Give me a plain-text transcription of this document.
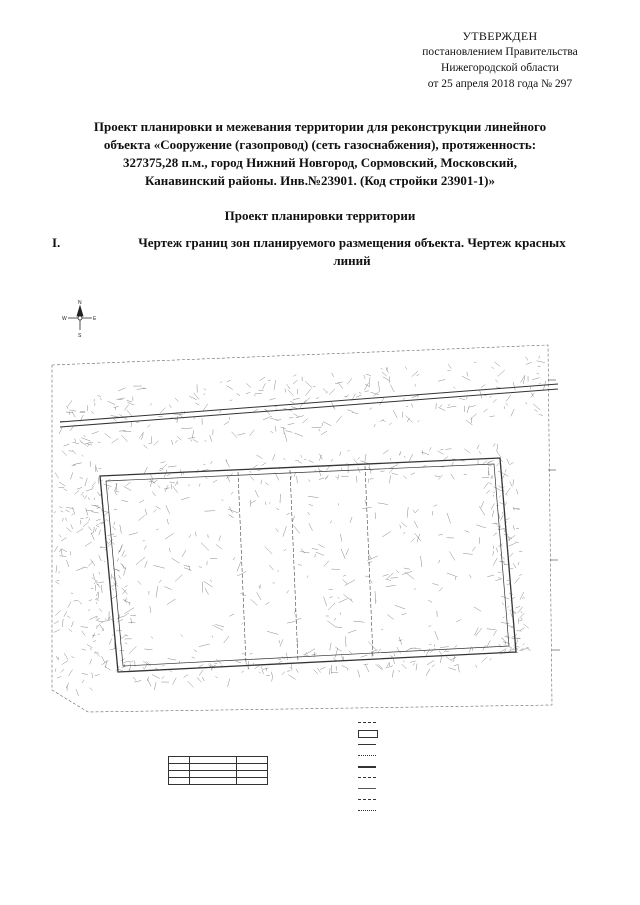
УТВЕРЖДЕН
постановлением Правительства
Нижегородской области
от 25 апреля 2018 года № 297
Проект планировки и межевания территории для реконструкции линейного
объекта «Сооружение (газопровод) (сеть газоснабжения), протяженность:
327375,28 п.м., город Нижний Новгород, Сормовский, Московский,
Канавинский районы. Инв.№23901. (Код стройки 23901-1)»
Проект планировки территории
I.	Чертеж границ зон планируемого размещения объекта. Чертеж красных
линий
N
S
W	E
